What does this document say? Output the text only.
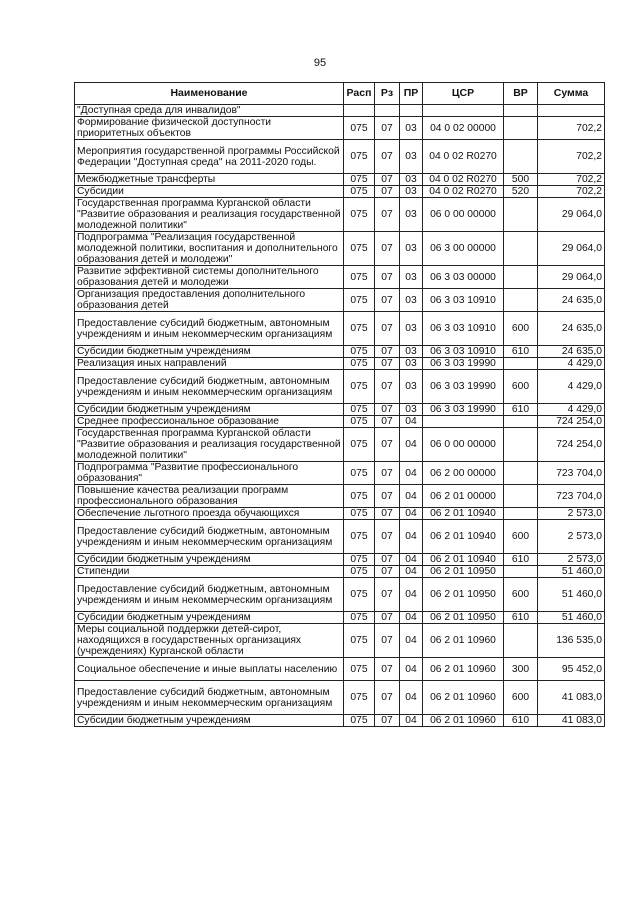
95
Наименование	Расп	Рз	ПР	ЦСР	ВР	Сумма
"Доступная среда для инвалидов"						
Формирование физической доступности приоритетных объектов	075	07	03	04 0 02 00000		702,2
Мероприятия государственной программы Российской Федерации "Доступная среда" на 2011-2020 годы.	075	07	03	04 0 02 R0270		702,2
Межбюджетные трансферты	075	07	03	04 0 02 R0270	500	702,2
Субсидии	075	07	03	04 0 02 R0270	520	702,2
Государственная программа Курганской области "Развитие образования и реализация государственной молодежной политики"	075	07	03	06 0 00 00000		29 064,0
Подпрограмма "Реализация государственной молодежной политики, воспитания и дополнительного образования детей и молодежи"	075	07	03	06 3 00 00000		29 064,0
Развитие эффективной системы дополнительного образования детей и молодежи	075	07	03	06 3 03 00000		29 064,0
Организация предоставления дополнительного образования детей	075	07	03	06 3 03 10910		24 635,0
Предоставление субсидий бюджетным, автономным учреждениям и иным некоммерческим организациям	075	07	03	06 3 03 10910	600	24 635,0
Субсидии бюджетным учреждениям	075	07	03	06 3 03 10910	610	24 635,0
Реализация иных направлений	075	07	03	06 3 03 19990		4 429,0
Предоставление субсидий бюджетным, автономным учреждениям и иным некоммерческим организациям	075	07	03	06 3 03 19990	600	4 429,0
Субсидии бюджетным учреждениям	075	07	03	06 3 03 19990	610	4 429,0
Среднее профессиональное образование	075	07	04			724 254,0
Государственная программа Курганской области "Развитие образования и реализация государственной молодежной политики"	075	07	04	06 0 00 00000		724 254,0
Подпрограмма "Развитие профессионального образования"	075	07	04	06 2 00 00000		723 704,0
Повышение качества реализации программ профессионального образования	075	07	04	06 2 01 00000		723 704,0
Обеспечение льготного проезда обучающихся	075	07	04	06 2 01 10940		2 573,0
Предоставление субсидий бюджетным, автономным учреждениям и иным некоммерческим организациям	075	07	04	06 2 01 10940	600	2 573,0
Субсидии бюджетным учреждениям	075	07	04	06 2 01 10940	610	2 573,0
Стипендии	075	07	04	06 2 01 10950		51 460,0
Предоставление субсидий бюджетным, автономным учреждениям и иным некоммерческим организациям	075	07	04	06 2 01 10950	600	51 460,0
Субсидии бюджетным учреждениям	075	07	04	06 2 01 10950	610	51 460,0
Меры социальной поддержки детей-сирот, находящихся в государственных организациях (учреждениях) Курганской области	075	07	04	06 2 01 10960		136 535,0
Социальное обеспечение и иные выплаты населению	075	07	04	06 2 01 10960	300	95 452,0
Предоставление субсидий бюджетным, автономным учреждениям и иным некоммерческим организациям	075	07	04	06 2 01 10960	600	41 083,0
Субсидии бюджетным учреждениям	075	07	04	06 2 01 10960	610	41 083,0
